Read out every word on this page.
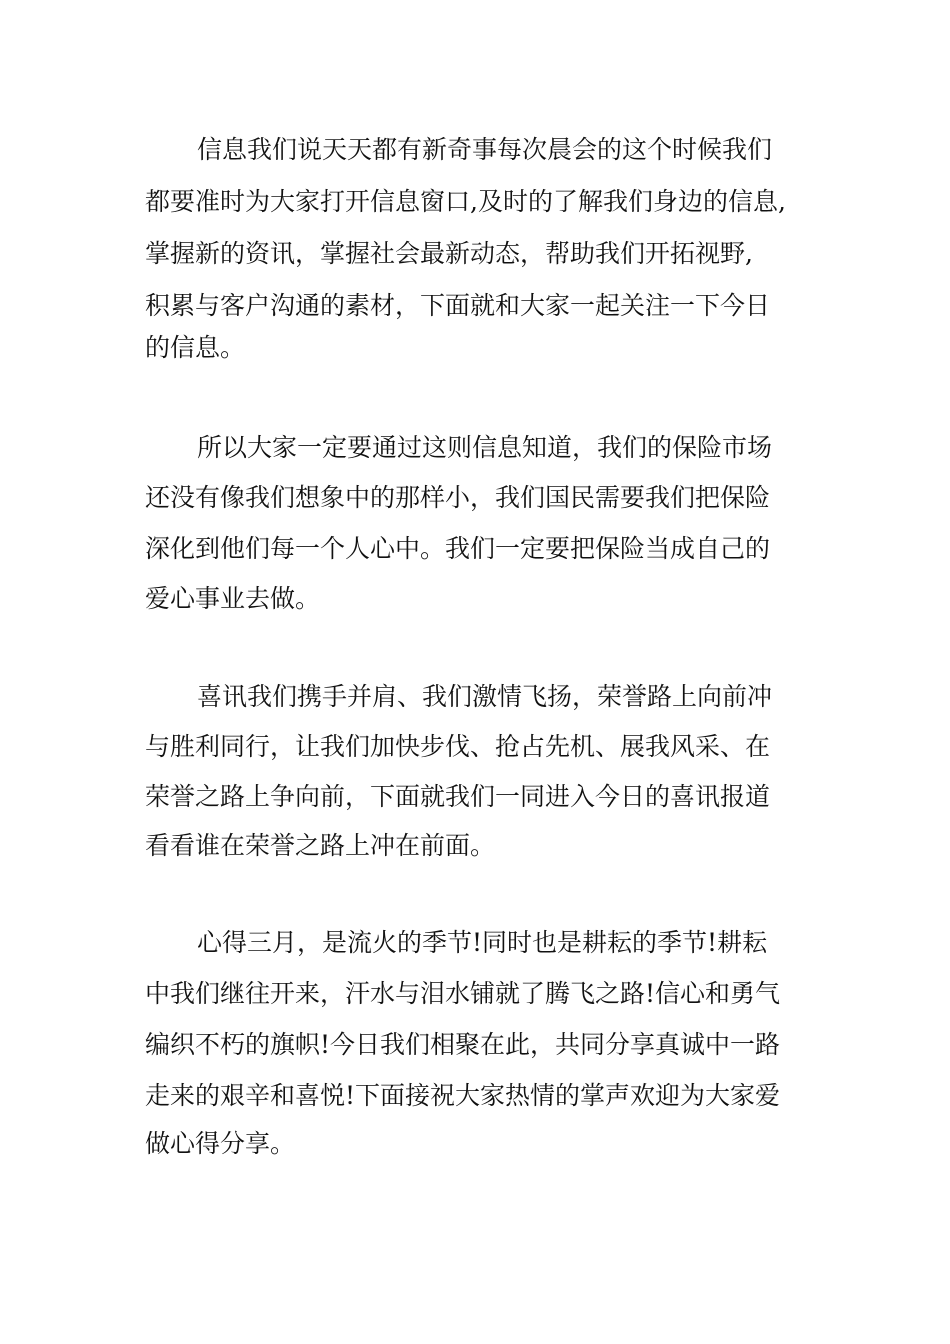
信息我们说天天都有新奇事每次晨会的这个时候我们
都要准时为大家打开信息窗口,及时的了解我们身边的信息,
掌握新的资讯，掌握社会最新动态，帮助我们开拓视野,
积累与客户沟通的素材，下面就和大家一起关注一下今日
的信息。
所以大家一定要通过这则信息知道，我们的保险市场
还没有像我们想象中的那样小，我们国民需要我们把保险
深化到他们每一个人心中。我们一定要把保险当成自己的
爱心事业去做。
喜讯我们携手并肩、我们激情飞扬，荣誉路上向前冲
与胜利同行，让我们加快步伐、抢占先机、展我风采、在
荣誉之路上争向前，下面就我们一同进入今日的喜讯报道
看看谁在荣誉之路上冲在前面。
心得三月，是流火的季节!同时也是耕耘的季节!耕耘
中我们继往开来，汗水与泪水铺就了腾飞之路!信心和勇气
编织不朽的旗帜!今日我们相聚在此，共同分享真诚中一路
走来的艰辛和喜悦!下面接祝大家热情的掌声欢迎为大家爱
做心得分享。
